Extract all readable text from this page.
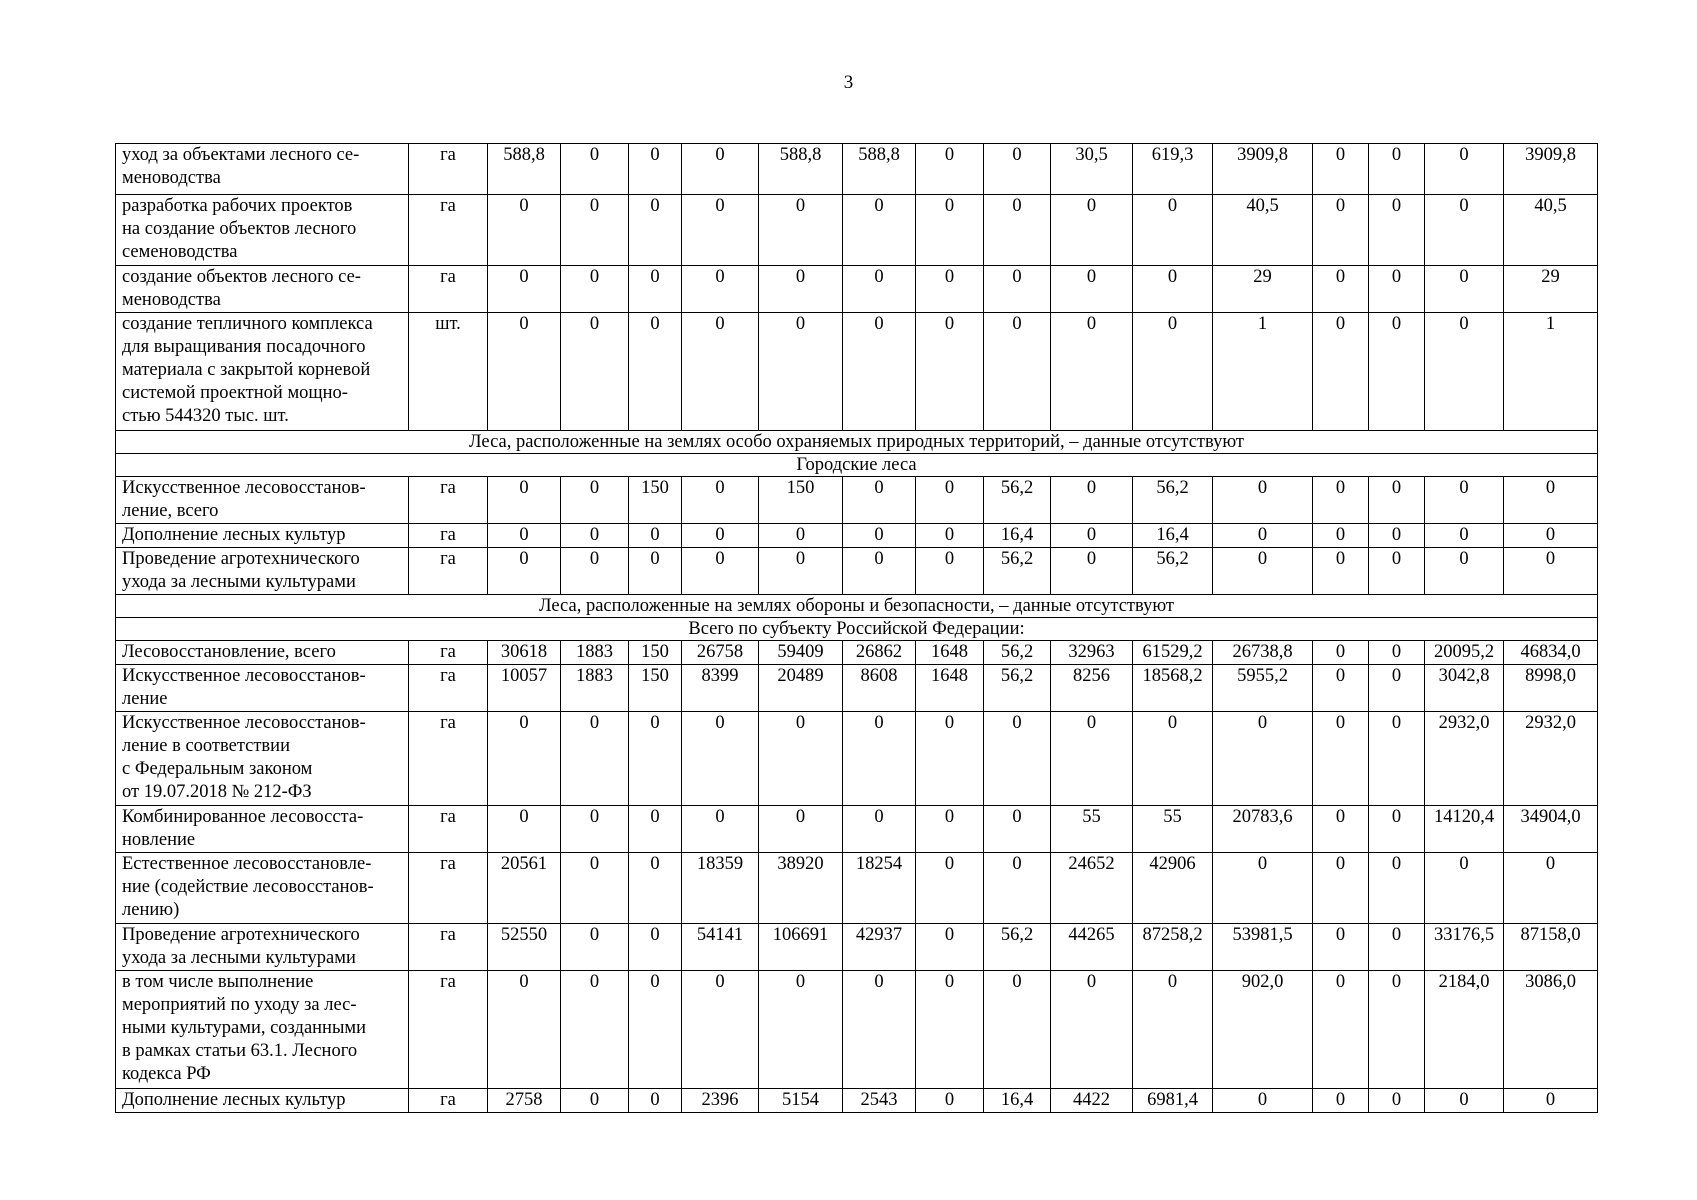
3
уход за объектами лесного се-
меноводства	га	588,8	0	0	0	588,8	588,8	0	0	30,5	619,3	3909,8	0	0	0	3909,8

разработка рабочих проектов
на создание объектов лесного
семеноводства	га	0	0	0	0	0	0	0	0	0	0	40,5	0	0	0	40,5

создание объектов лесного се-
меноводства	га	0	0	0	0	0	0	0	0	0	0	29	0	0	0	29

создание тепличного комплекса
для выращивания посадочного
материала с закрытой корневой
системой проектной мощно-
стью 544320 тыс. шт.	шт.	0	0	0	0	0	0	0	0	0	0	1	0	0	0	1
Леса, расположенные на землях особо охраняемых природных территорий, – данные отсутствуют																
Городские леса																

Искусственное лесовосстанов-
ление, всего	га	0	0	150	0	150	0	0	56,2	0	56,2	0	0	0	0	0

Дополнение лесных культур	га	0	0	0	0	0	0	0	16,4	0	16,4	0	0	0	0	0

Проведение агротехнического
ухода за лесными культурами	га	0	0	0	0	0	0	0	56,2	0	56,2	0	0	0	0	0
Леса, расположенные на землях обороны и безопасности, – данные отсутствуют																
Всего по субъекту Российской Федерации:																

Лесовосстановление, всего	га	30618	1883	150	26758	59409	26862	1648	56,2	32963	61529,2	26738,8	0	0	20095,2	46834,0

Искусственное лесовосстанов-
ление	га	10057	1883	150	8399	20489	8608	1648	56,2	8256	18568,2	5955,2	0	0	3042,8	8998,0

Искусственное лесовосстанов-
ление в соответствии
с Федеральным законом
от 19.07.2018 № 212-ФЗ	га	0	0	0	0	0	0	0	0	0	0	0	0	0	2932,0	2932,0

Комбинированное лесовосста-
новление	га	0	0	0	0	0	0	0	0	55	55	20783,6	0	0	14120,4	34904,0

Естественное лесовосстановле-
ние (содействие лесовосстанов-
лению)	га	20561	0	0	18359	38920	18254	0	0	24652	42906	0	0	0	0	0

Проведение агротехнического
ухода за лесными культурами	га	52550	0	0	54141	106691	42937	0	56,2	44265	87258,2	53981,5	0	0	33176,5	87158,0

в том числе выполнение
мероприятий по уходу за лес-
ными культурами, созданными
в рамках статьи 63.1. Лесного
кодекса РФ	га	0	0	0	0	0	0	0	0	0	0	902,0	0	0	2184,0	3086,0

Дополнение лесных культур	га	2758	0	0	2396	5154	2543	0	16,4	4422	6981,4	0	0	0	0	0
